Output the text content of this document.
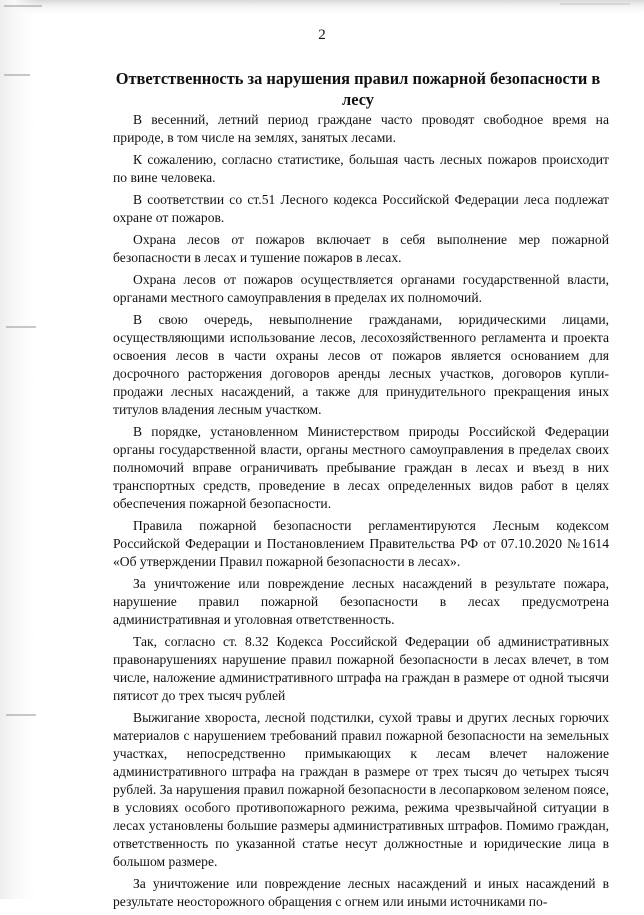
2
Ответственность за нарушения правил пожарной безопасности в лесу

В весенний, летний период граждане часто проводят свободное время на природе, в том числе на землях, занятых лесами.

К сожалению, согласно статистике, большая часть лесных пожаров происходит по вине человека.

В соответствии со ст.51 Лесного кодекса Российской Федерации леса подлежат охране от пожаров.

Охрана лесов от пожаров включает в себя выполнение мер пожарной безопасности в лесах и тушение пожаров в лесах.

Охрана лесов от пожаров осуществляется органами государственной власти, органами местного самоуправления в пределах их полномочий.

В свою очередь, невыполнение гражданами, юридическими лицами, осуществляющими использование лесов, лесохозяйственного регламента и проекта освоения лесов в части охраны лесов от пожаров является основанием для досрочного расторжения договоров аренды лесных участков, договоров купли-продажи лесных насаждений, а также для принудительного прекращения иных титулов владения лесным участком.

В порядке, установленном Министерством природы Российской Федерации органы государственной власти, органы местного самоуправления в пределах своих полномочий вправе ограничивать пребывание граждан в лесах и въезд в них транспортных средств, проведение в лесах определенных видов работ в целях обеспечения пожарной безопасности.

Правила пожарной безопасности регламентируются Лесным кодексом Российской Федерации и Постановлением Правительства РФ от 07.10.2020 №1614 «Об утверждении Правил пожарной безопасности в лесах».

За уничтожение или повреждение лесных насаждений в результате пожара, нарушение правил пожарной безопасности в лесах предусмотрена административная и уголовная ответственность.

Так, согласно ст. 8.32 Кодекса Российской Федерации об административных правонарушениях нарушение правил пожарной безопасности в лесах влечет, в том числе, наложение административного штрафа на граждан в размере от одной тысячи пятисот до трех тысяч рублей

Выжигание хвороста, лесной подстилки, сухой травы и других лесных горючих материалов с нарушением требований правил пожарной безопасности на земельных участках, непосредственно примыкающих к лесам влечет наложение административного штрафа на граждан в размере от трех тысяч до четырех тысяч рублей. За нарушения правил пожарной безопасности в лесопарковом зеленом поясе, в условиях особого противопожарного режима, режима чрезвычайной ситуации в лесах установлены большие размеры административных штрафов. Помимо граждан, ответственность по указанной статье несут должностные и юридические лица в большом размере.

За уничтожение или повреждение лесных насаждений и иных насаждений в результате неосторожного обращения с огнем или иными источниками по-
